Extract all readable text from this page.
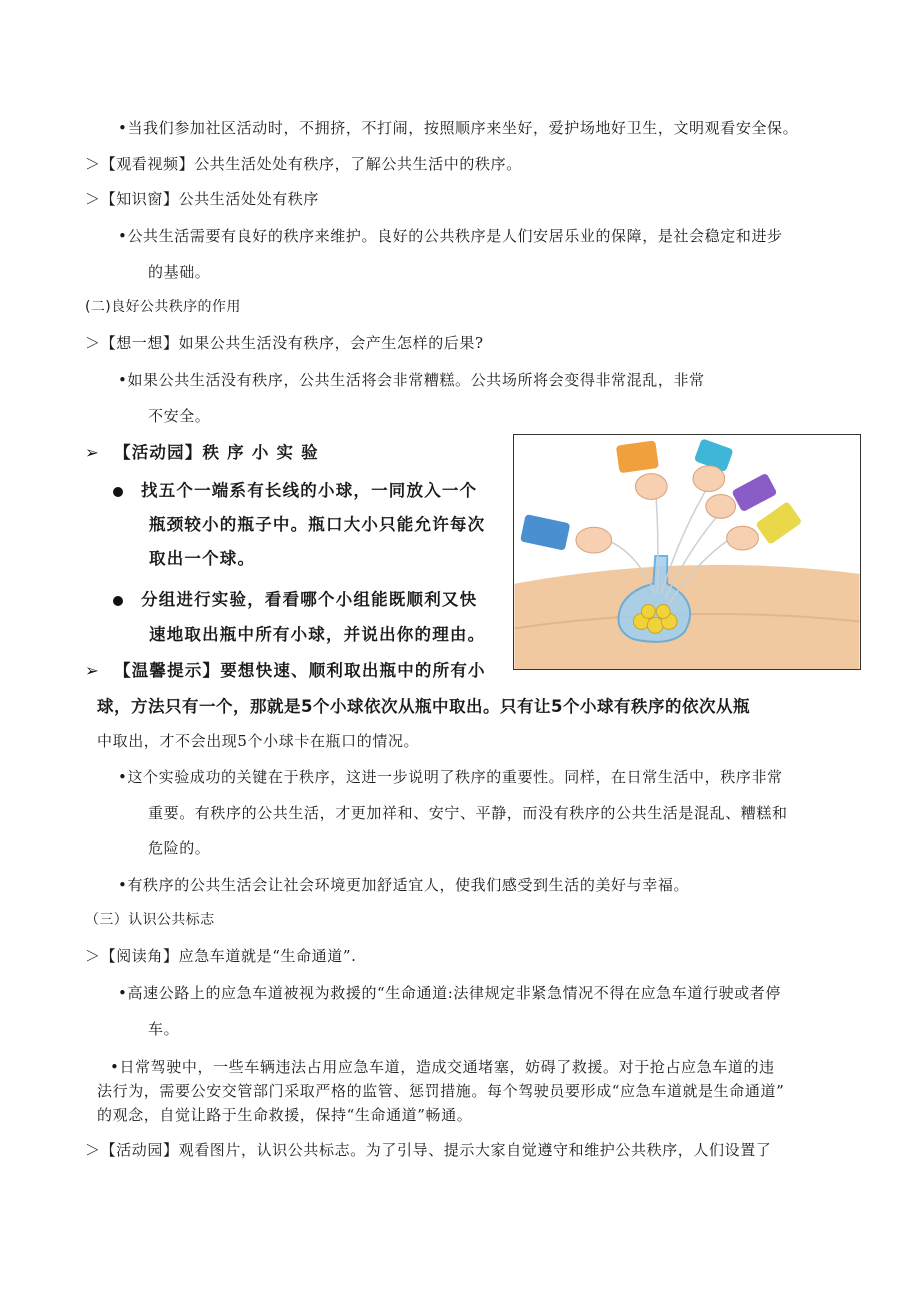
•当我们参加社区活动时，不拥挤，不打闹，按照顺序来坐好，爱护场地好卫生，文明观看安全保。
＞【观看视频】公共生活处处有秩序，了解公共生活中的秩序。
＞【知识窗】公共生活处处有秩序
•公共生活需要有良好的秩序来维护。良好的公共秩序是人们安居乐业的保障，是社会稳定和进步
的基础。
(二)良好公共秩序的作用
＞【想一想】如果公共生活没有秩序，会产生怎样的后果?
•如果公共生活没有秩序，公共生活将会非常糟糕。公共场所将会变得非常混乱，非常
不安全。
➢ 【活动园】秩 序 小 实 验
找五个一端系有长线的小球，一同放入一个
瓶颈较小的瓶子中。瓶口大小只能允许每次
取出一个球。
分组进行实验，看看哪个小组能既顺利又快
速地取出瓶中所有小球，并说出你的理由。
➢ 【温馨提示】要想快速、顺利取出瓶中的所有小
球，方法只有一个，那就是5个小球依次从瓶中取出。只有让5个小球有秩序的依次从瓶
中取出，才不会出现5个小球卡在瓶口的情况。
•这个实验成功的关键在于秩序，这进一步说明了秩序的重要性。同样，在日常生活中，秩序非常
重要。有秩序的公共生活，才更加祥和、安宁、平静，而没有秩序的公共生活是混乱、糟糕和
危险的。
•有秩序的公共生活会让社会环境更加舒适宜人，使我们感受到生活的美好与幸福。
（三）认识公共标志
＞【阅读角】应急车道就是“生命通道”.
•高速公路上的应急车道被视为救援的“生命通道:法律规定非紧急情况不得在应急车道行驶或者停
车。
•日常驾驶中，一些车辆违法占用应急车道，造成交通堵塞，妨碍了救援。对于抢占应急车道的违
法行为，需要公安交管部门采取严格的监管、惩罚措施。每个驾驶员要形成“应急车道就是生命通道”
的观念，自觉让路于生命救援，保持“生命通道”畅通。
＞【活动园】观看图片，认识公共标志。为了引导、提示大家自觉遵守和维护公共秩序，人们设置了
